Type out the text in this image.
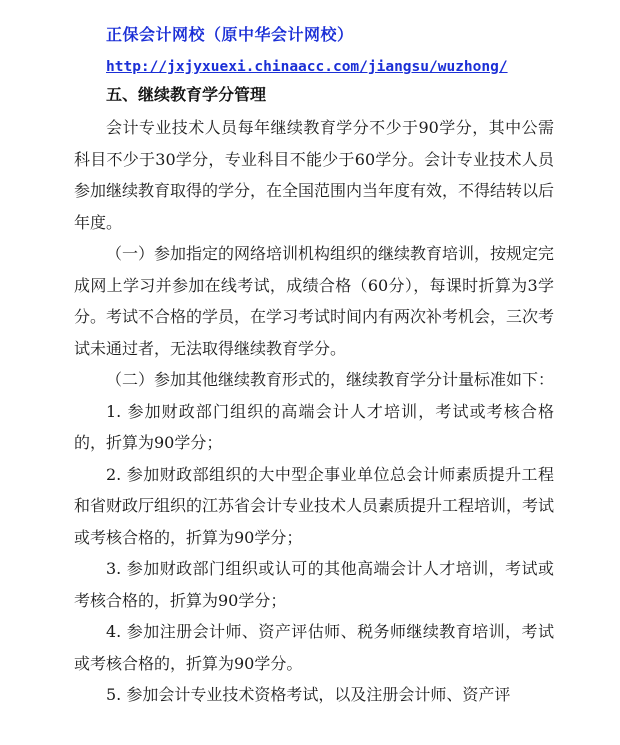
正保会计网校（原中华会计网校）
http://jxjyxuexi.chinaacc.com/jiangsu/wuzhong/
五、继续教育学分管理

会计专业技术人员每年继续教育学分不少于90学分，其中公需科目不少于30学分，专业科目不能少于60学分。会计专业技术人员参加继续教育取得的学分，在全国范围内当年度有效，不得结转以后年度。

（一）参加指定的网络培训机构组织的继续教育培训，按规定完成网上学习并参加在线考试，成绩合格（60分），每课时折算为3学分。考试不合格的学员，在学习考试时间内有两次补考机会，三次考试未通过者，无法取得继续教育学分。

（二）参加其他继续教育形式的，继续教育学分计量标准如下：

1. 参加财政部门组织的高端会计人才培训，考试或考核合格的，折算为90学分；

2. 参加财政部组织的大中型企事业单位总会计师素质提升工程和省财政厅组织的江苏省会计专业技术人员素质提升工程培训，考试或考核合格的，折算为90学分；

3. 参加财政部门组织或认可的其他高端会计人才培训，考试或考核合格的，折算为90学分；

4. 参加注册会计师、资产评估师、税务师继续教育培训，考试或考核合格的，折算为90学分。

5. 参加会计专业技术资格考试，以及注册会计师、资产评
